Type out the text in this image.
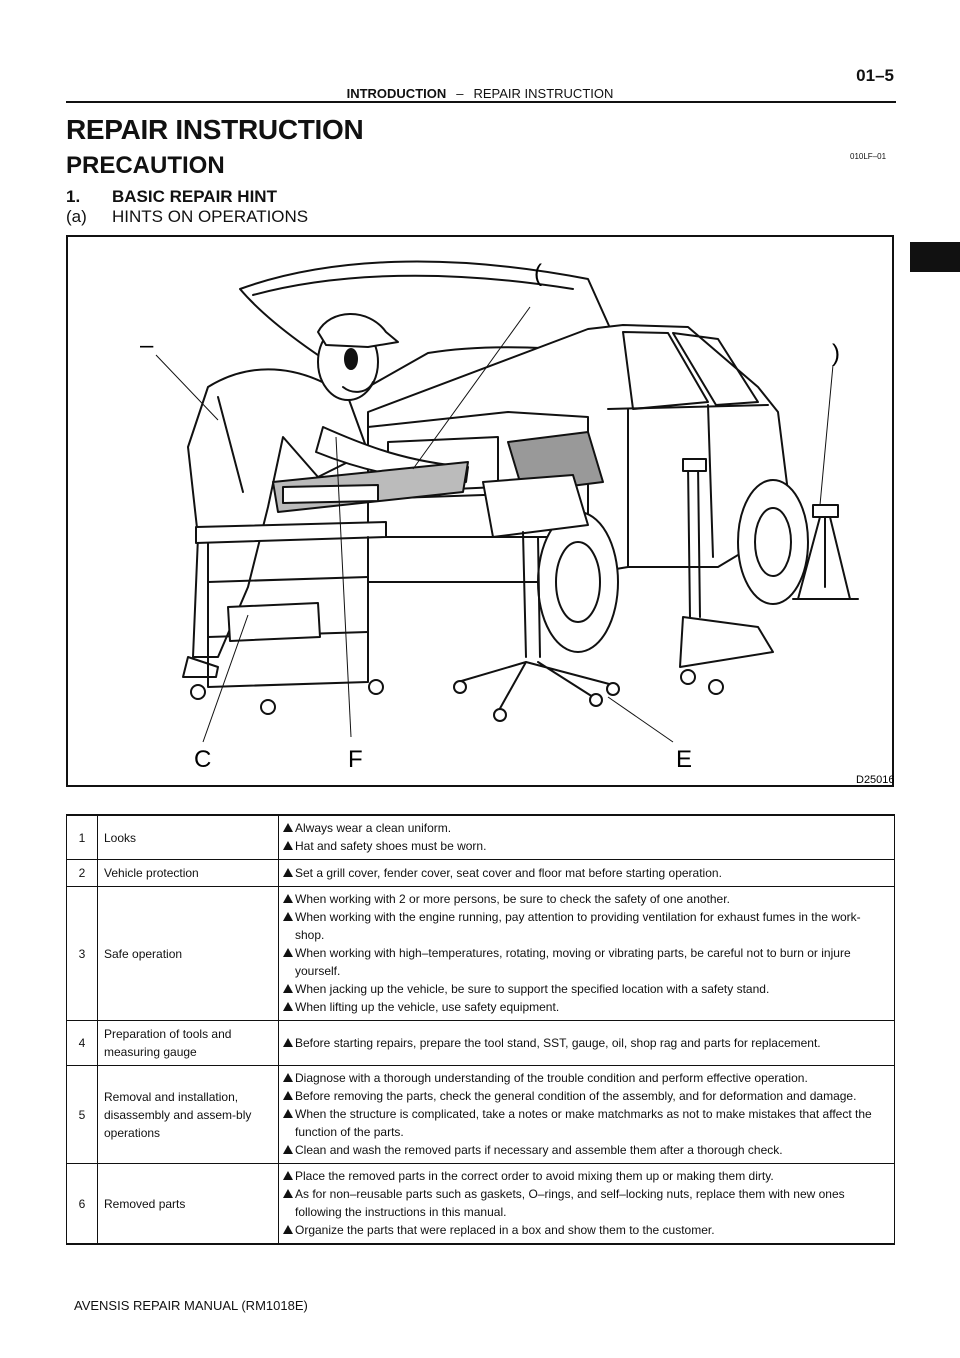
INTRODUCTION – REPAIR INSTRUCTION
01–5
REPAIR INSTRUCTION
PRECAUTION	010LF–01
1. BASIC REPAIR HINT
(a) HINTS ON OPERATIONS
–
(
)
C	F	E
D25016
1	Looks	Always wear a clean uniform.
Hat and safety shoes must be worn.

2	Vehicle protection	Set a grill cover, fender cover, seat cover and floor mat before starting operation.

3	Safe operation	When working with 2 or more persons, be sure to check the safety of one another.
When working with the engine running, pay attention to providing ventilation for exhaust fumes in the work-shop.
When working with high–temperatures, rotating, moving or vibrating parts, be careful not to burn or injure yourself.
When jacking up the vehicle, be sure to support the specified location with a safety stand.
When lifting up the vehicle, use safety equipment.

4	Preparation of tools and measuring gauge	Before starting repairs, prepare the tool stand, SST, gauge, oil, shop rag and parts for replacement.

5	Removal and installation, disassembly and assem-bly operations	Diagnose with a thorough understanding of the trouble condition and perform effective operation.
Before removing the parts, check the general condition of the assembly, and for deformation and damage.
When the structure is complicated, take a notes or make matchmarks as not to make mistakes that affect the function of the parts.
Clean and wash the removed parts if necessary and assemble them after a thorough check.

6	Removed parts	Place the removed parts in the correct order to avoid mixing them up or making them dirty.
As for non–reusable parts such as gaskets, O–rings, and self–locking nuts, replace them with new ones following the instructions in this manual.
Organize the parts that were replaced in a box and show them to the customer.
AVENSIS REPAIR MANUAL (RM1018E)
